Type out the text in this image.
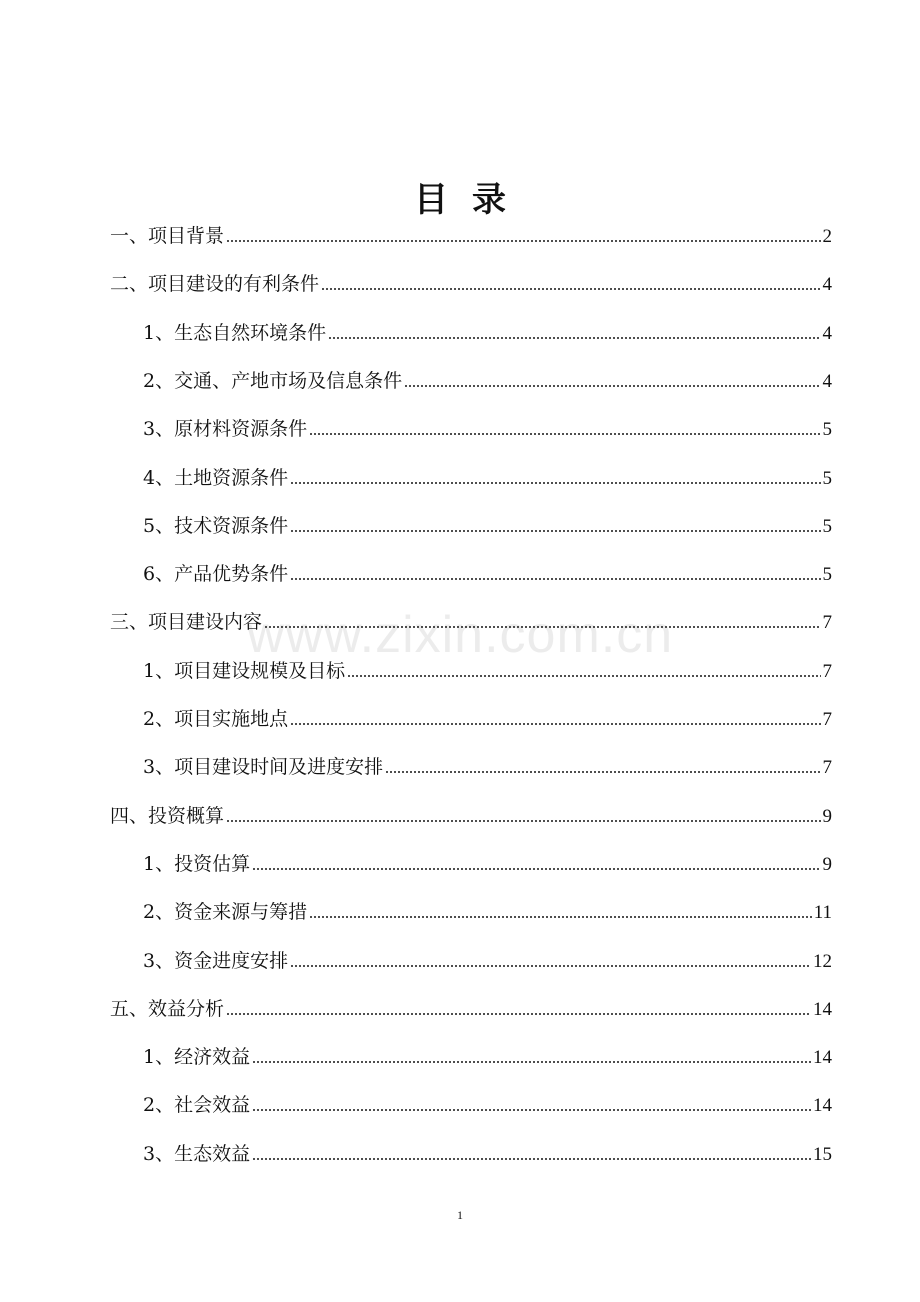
目录
www.zixin.com.cn
一、项目背景	2
二、项目建设的有利条件	4
1、生态自然环境条件	4
2、交通、产地市场及信息条件	4
3、原材料资源条件	5
4、土地资源条件	5
5、技术资源条件	5
6、产品优势条件	5
三、项目建设内容	7
1、项目建设规模及目标	7
2、项目实施地点	7
3、项目建设时间及进度安排	7
四、投资概算	9
1、投资估算	9
2、资金来源与筹措	11
3、资金进度安排	12
五、效益分析	14
1、经济效益	14
2、社会效益	14
3、生态效益	15
1
